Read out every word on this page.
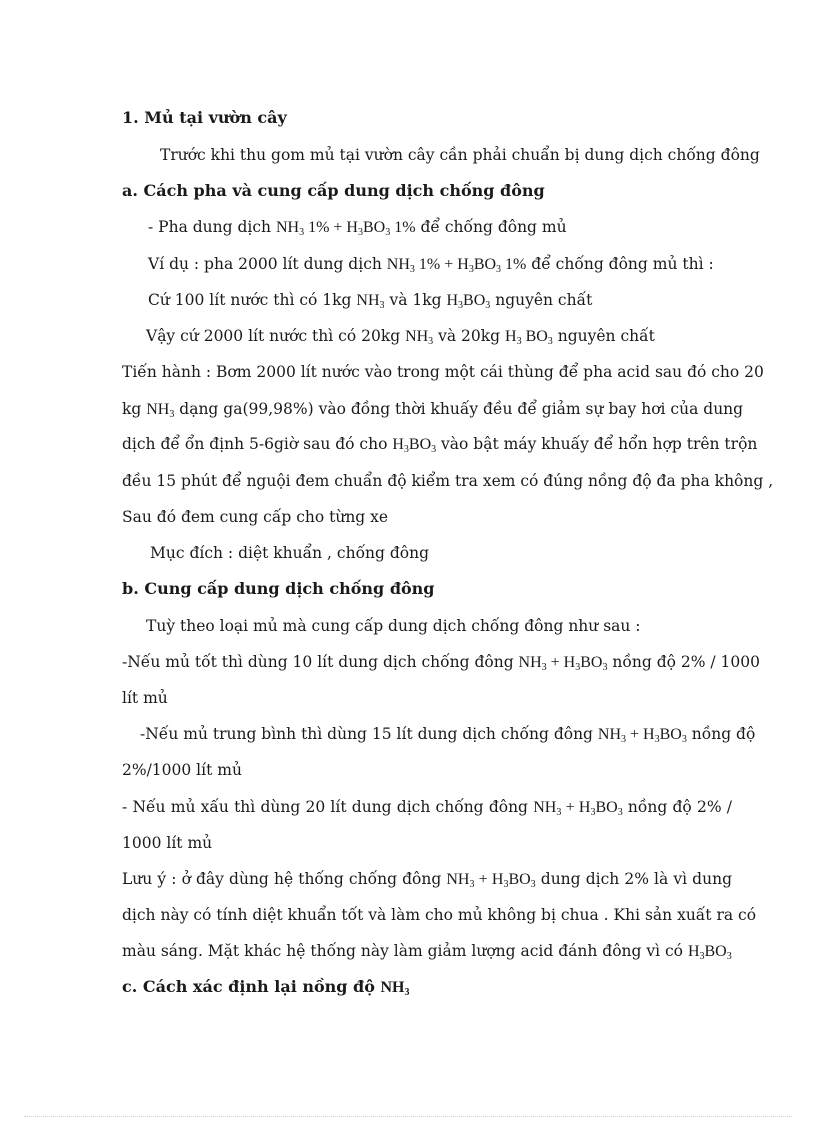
1. Mủ tại vườn cây
Trước khi thu gom mủ tại vườn cây cần phải chuẩn bị dung dịch chống đông
a. Cách pha và cung cấp dung dịch chống đông
- Pha dung dịch $NH_3$ $1\% + H_3BO_3$ 1% để chống đông mủ
Ví dụ : pha 2000 lít dung dịch $NH_3$ $1\% + H_3BO_3$ 1% để chống đông mủ thì :
Cứ 100 lít nước thì có 1kg $NH_3$ và 1kg $H_3BO_3$ nguyên chất
Vậy cứ 2000 lít nước thì có 20kg $NH_3$ và 20kg $H_3$ $BO_3$ nguyên chất
Tiến hành : Bơm 2000 lít nước vào trong một cái thùng để pha acid sau đó cho 20
kg $NH_3$ dạng ga(99,98%) vào đồng thời khuấy đều để giảm sự bay hơi của dung
dịch để ổn định 5-6giờ sau đó cho $H_3BO_3$ vào bật máy khuấy để hổn hợp trên trộn
đều 15 phút để nguội đem chuẩn độ kiểm tra xem có đúng nồng độ đa pha không ,
Sau đó đem cung cấp cho từng xe
Mục đích : diệt khuẩn , chống đông
b. Cung cấp dung dịch chống đông
Tuỳ theo loại mủ mà cung cấp dung dịch chống đông như sau :
-Nếu mủ tốt thì dùng 10 lít dung dịch chống đông $NH_3 + H_3BO_3$ nồng độ 2% / 1000
lít mủ
-Nếu mủ trung bình thì dùng 15 lít dung dịch chống đông $NH_3 + H_3BO_3$ nồng độ
2%/1000 lít mủ
- Nếu mủ xấu thì dùng 20 lít dung dịch chống đông $NH_3 + H_3BO_3$ nồng độ 2% /
1000 lít mủ
Lưu ý : ở đây dùng hệ thống chống đông $NH_3 + H_3BO_3$ dung dịch 2% là vì dung
dịch này có tính diệt khuẩn tốt và làm cho mủ không bị chua . Khi sản xuất ra có
màu sáng. Mặt khác hệ thống này làm giảm lượng acid đánh đông vì có $H_3BO_3$
c. Cách xác định lại nồng độ $NH_3$
